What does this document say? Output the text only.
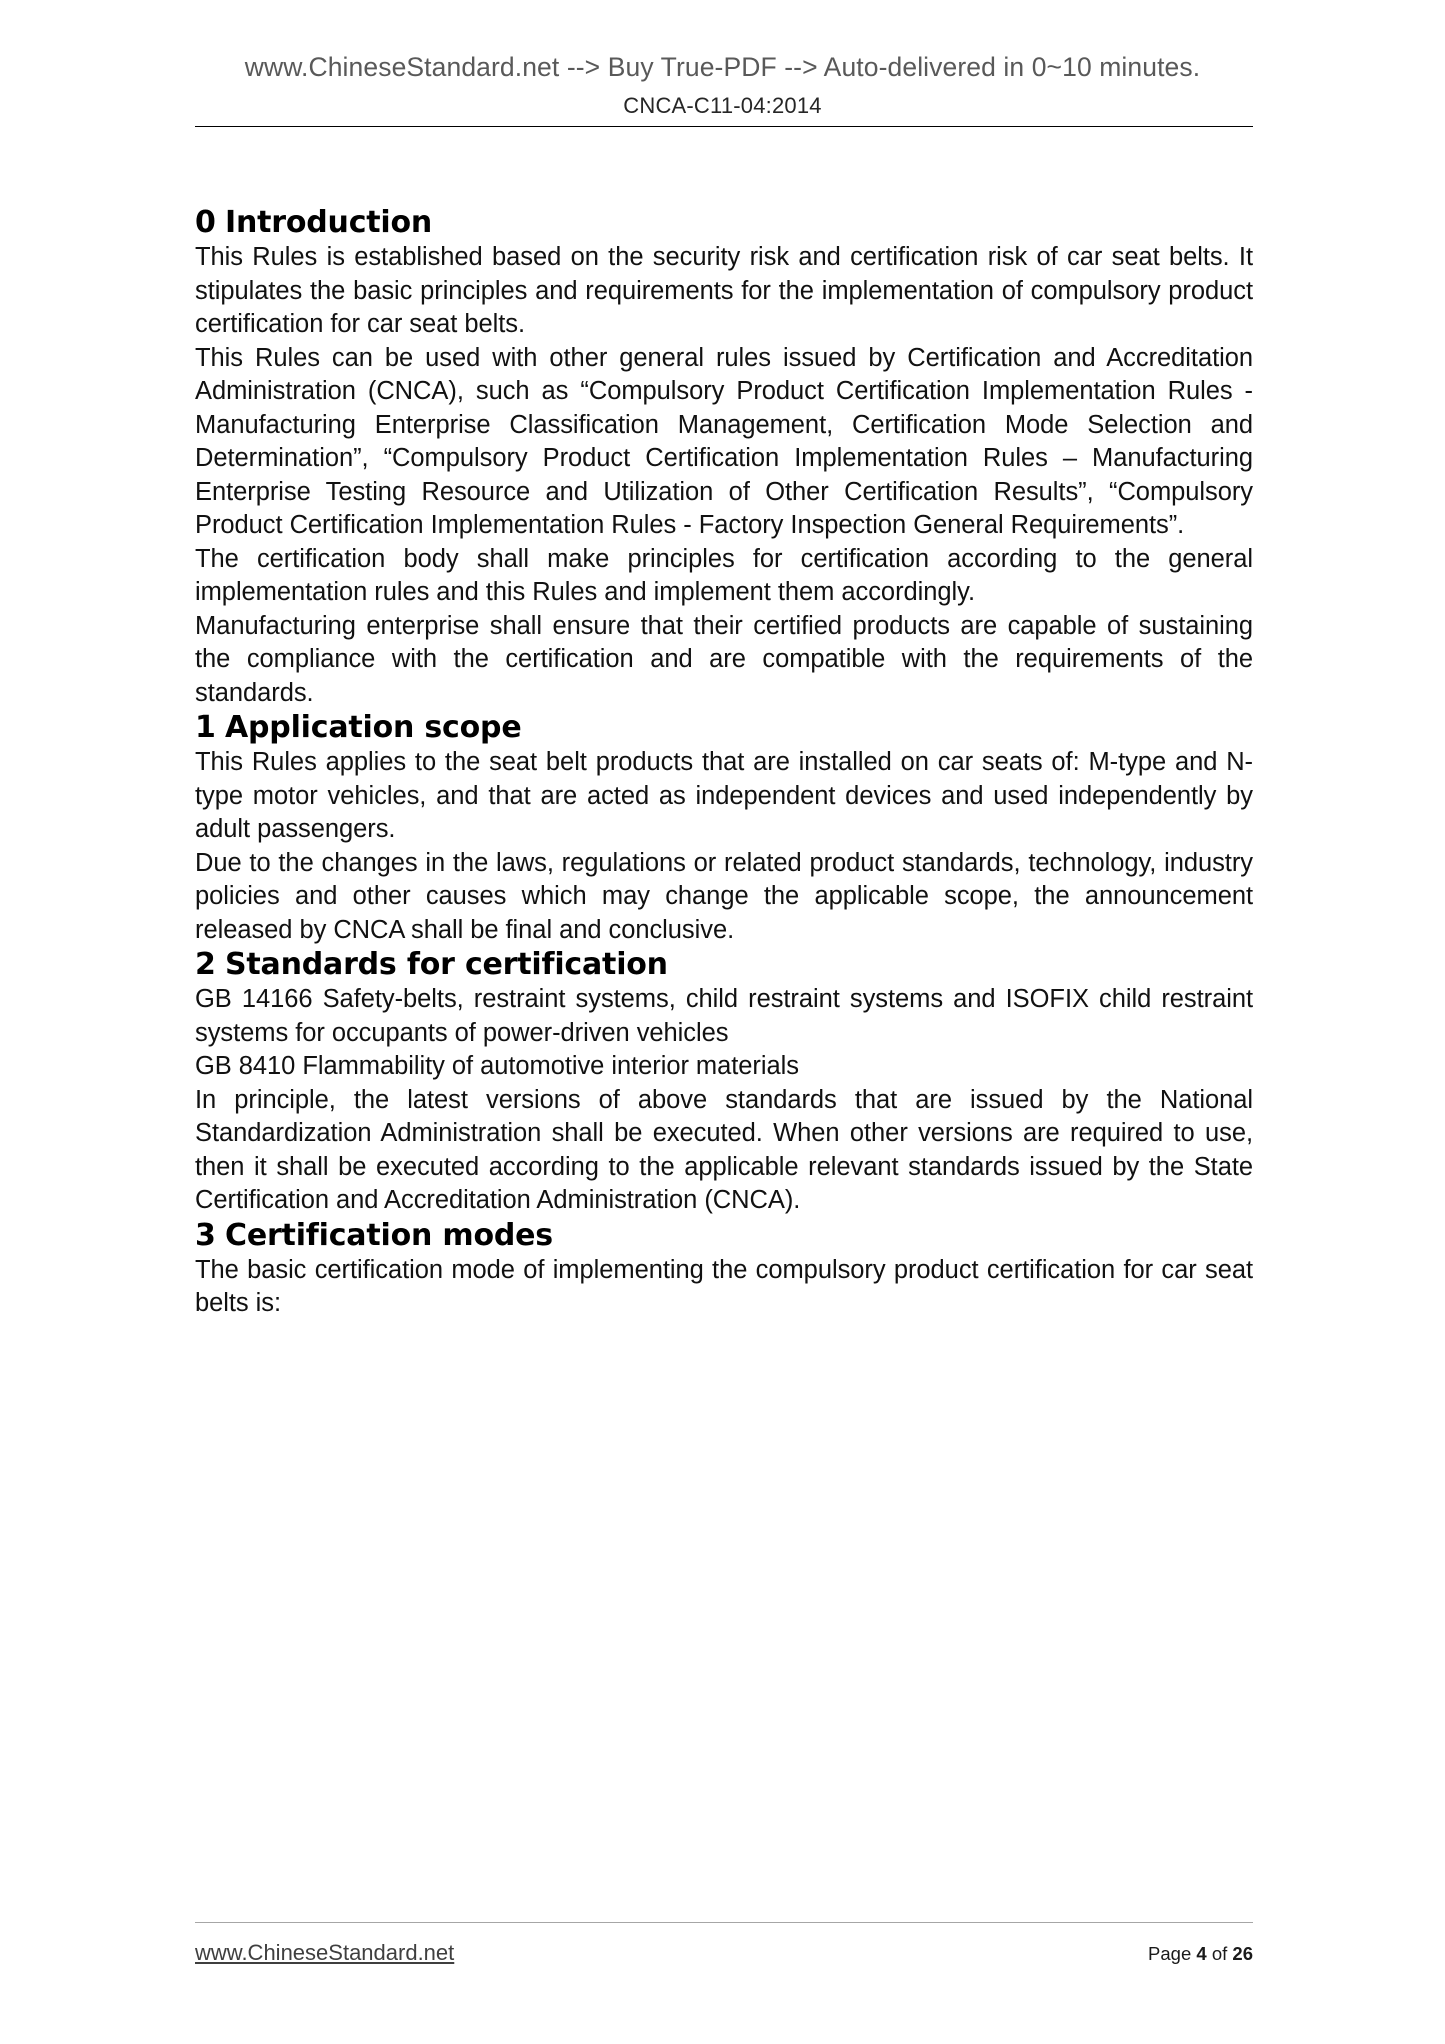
www.ChineseStandard.net --> Buy True-PDF --> Auto-delivered in 0~10 minutes.
CNCA-C11-04:2014
0 Introduction

This Rules is established based on the security risk and certification risk of car seat belts. It stipulates the basic principles and requirements for the implementation of compulsory product certification for car seat belts.

This Rules can be used with other general rules issued by Certification and Accreditation Administration (CNCA), such as “Compulsory Product Certification Implementation Rules - Manufacturing Enterprise Classification Management, Certification Mode Selection and Determination”, “Compulsory Product Certification Implementation Rules – Manufacturing Enterprise Testing Resource and Utilization of Other Certification Results”, “Compulsory Product Certification Implementation Rules - Factory Inspection General Requirements”.

The certification body shall make principles for certification according to the general implementation rules and this Rules and implement them accordingly.

Manufacturing enterprise shall ensure that their certified products are capable of sustaining the compliance with the certification and are compatible with the requirements of the standards.

1 Application scope

This Rules applies to the seat belt products that are installed on car seats of: M-type and N-type motor vehicles, and that are acted as independent devices and used independently by adult passengers.

Due to the changes in the laws, regulations or related product standards, technology, industry policies and other causes which may change the applicable scope, the announcement released by CNCA shall be final and conclusive.

2 Standards for certification

GB 14166 Safety-belts, restraint systems, child restraint systems and ISOFIX child restraint systems for occupants of power-driven vehicles

GB 8410 Flammability of automotive interior materials

In principle, the latest versions of above standards that are issued by the National Standardization Administration shall be executed. When other versions are required to use, then it shall be executed according to the applicable relevant standards issued by the State Certification and Accreditation Administration (CNCA).

3 Certification modes

The basic certification mode of implementing the compulsory product certification for car seat belts is:

www.ChineseStandard.net	Page 4 of 26
